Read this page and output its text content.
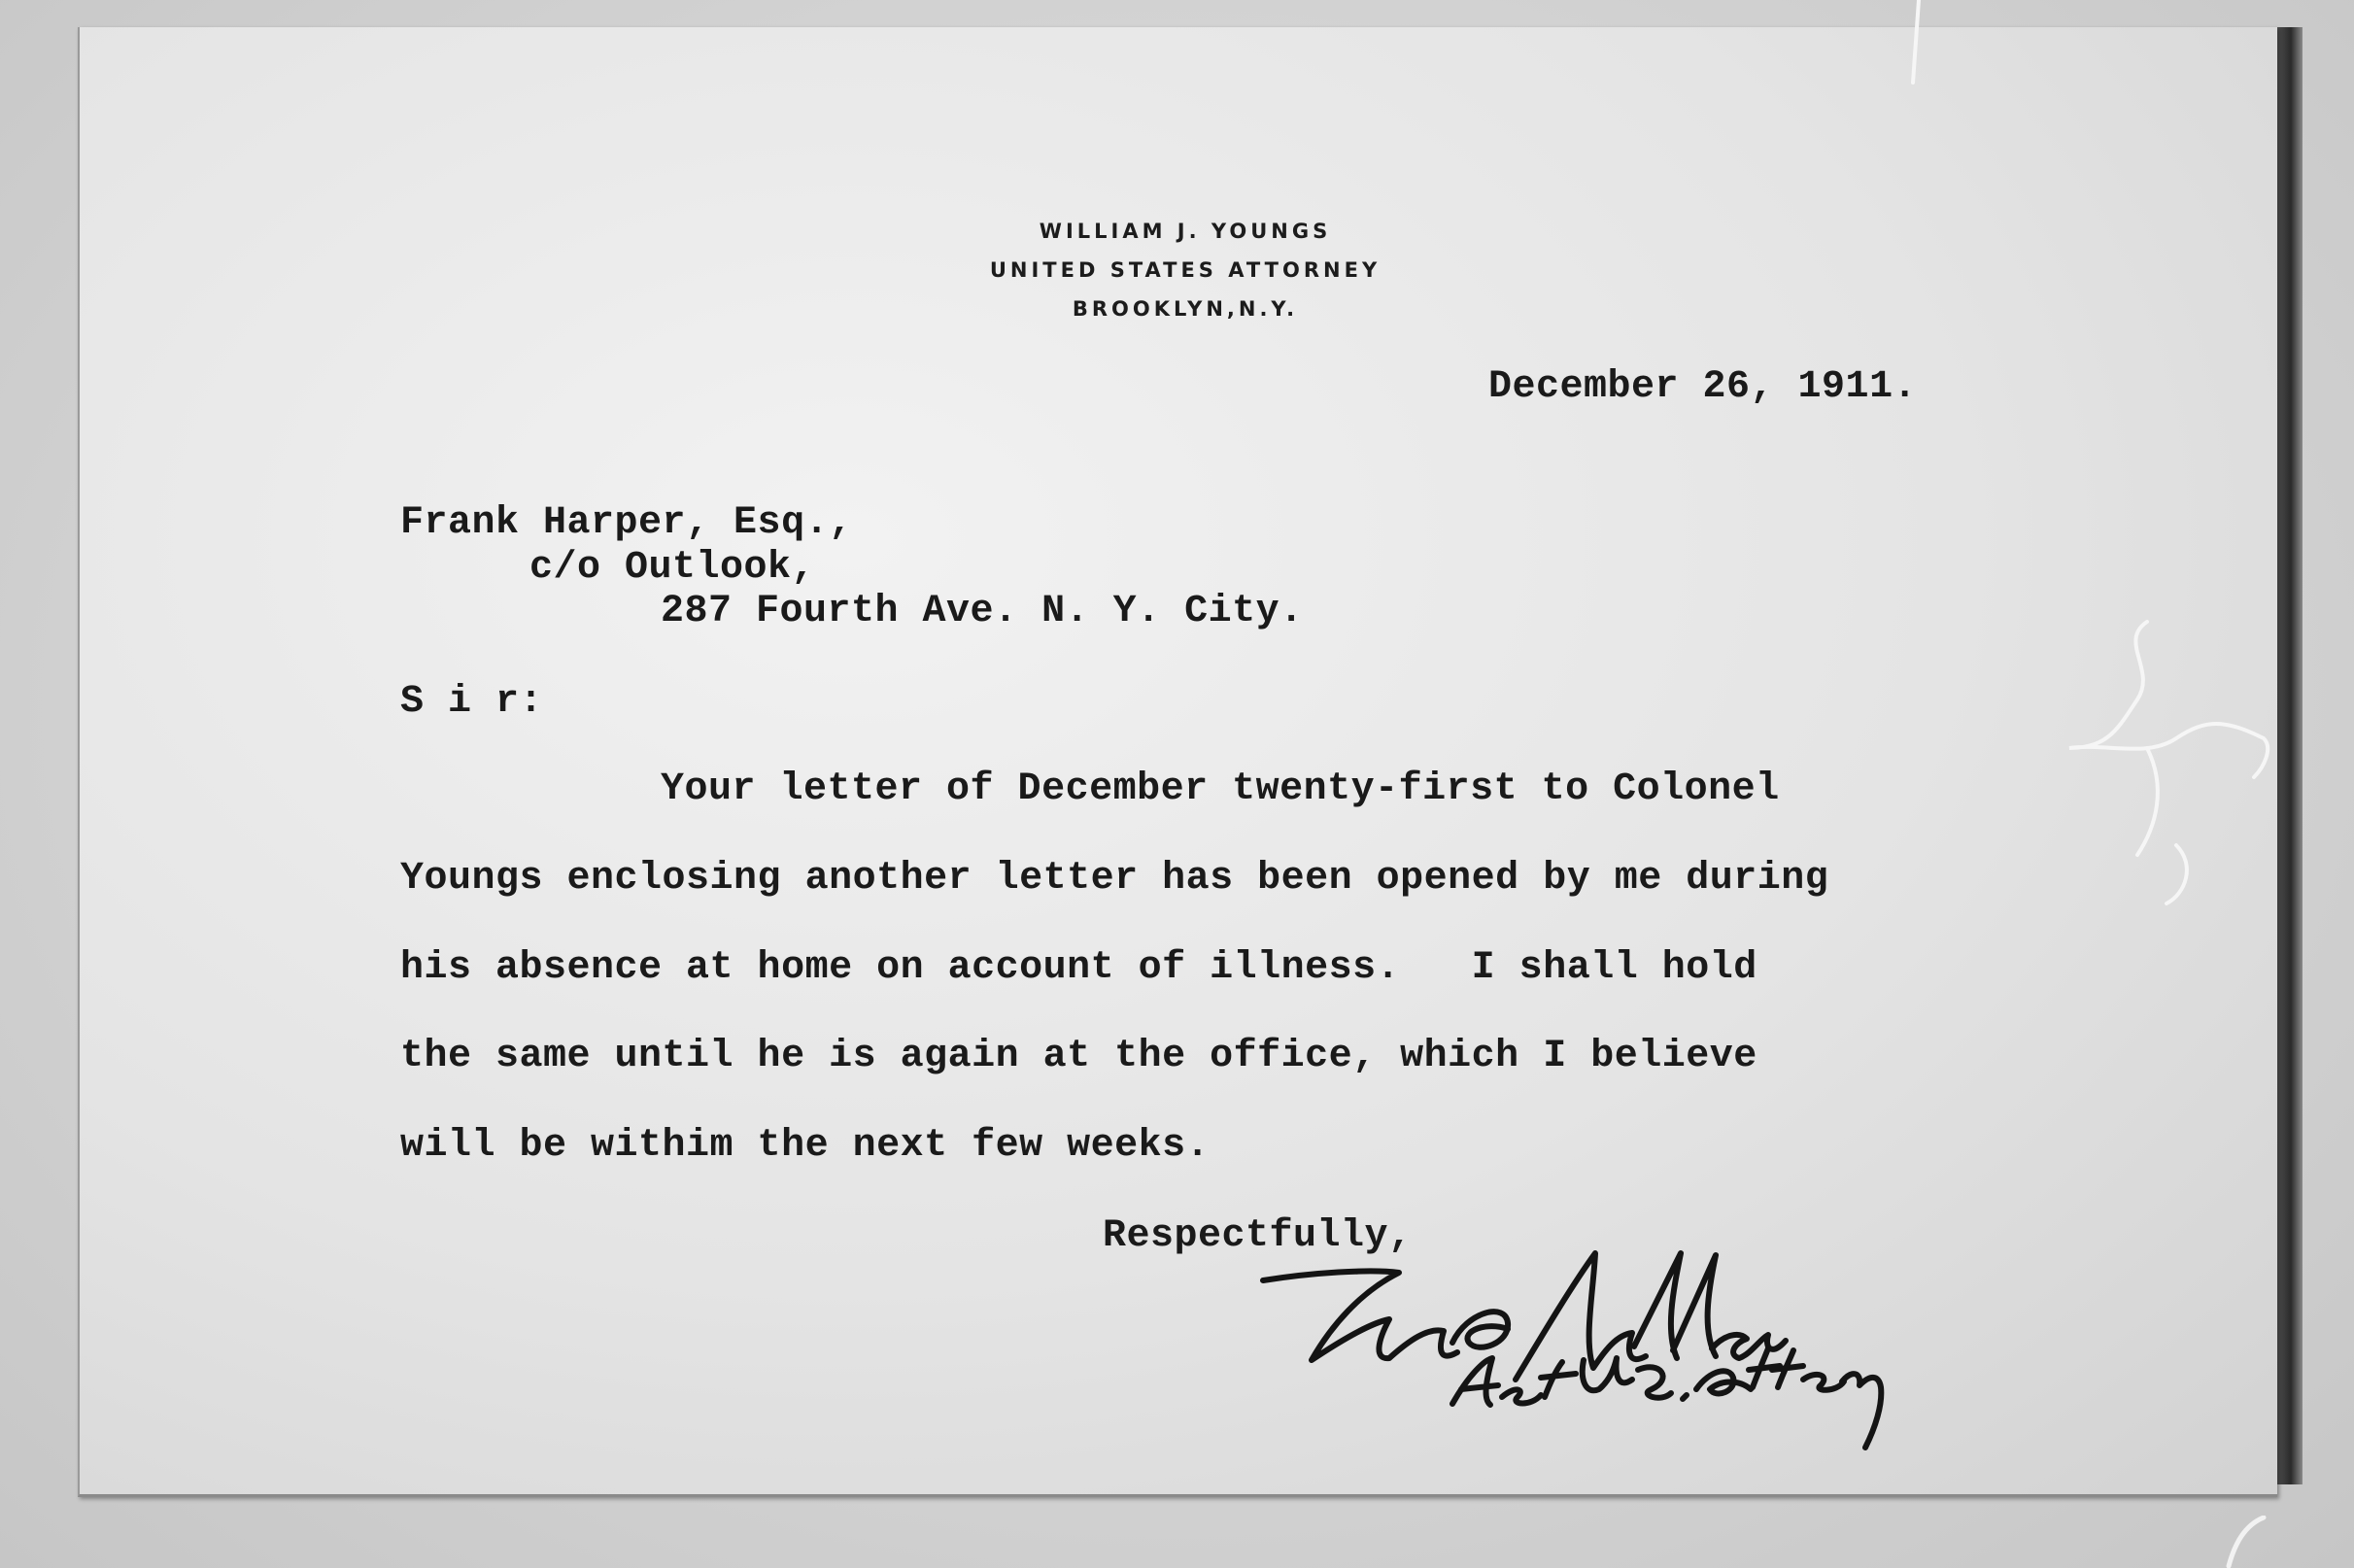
WILLIAM J. YOUNGS
UNITED STATES ATTORNEY
BROOKLYN,N.Y.
December 26, 1911.
Frank Harper, Esq.,
c/o Outlook,
287 Fourth Ave. N. Y. City.
S i r:
Your letter of December twenty-first to Colonel
Youngs enclosing another letter has been opened by me during
his absence at home on account of illness.   I shall hold
the same until he is again at the office, which I believe
will be withim the next few weeks.
Respectfully,
